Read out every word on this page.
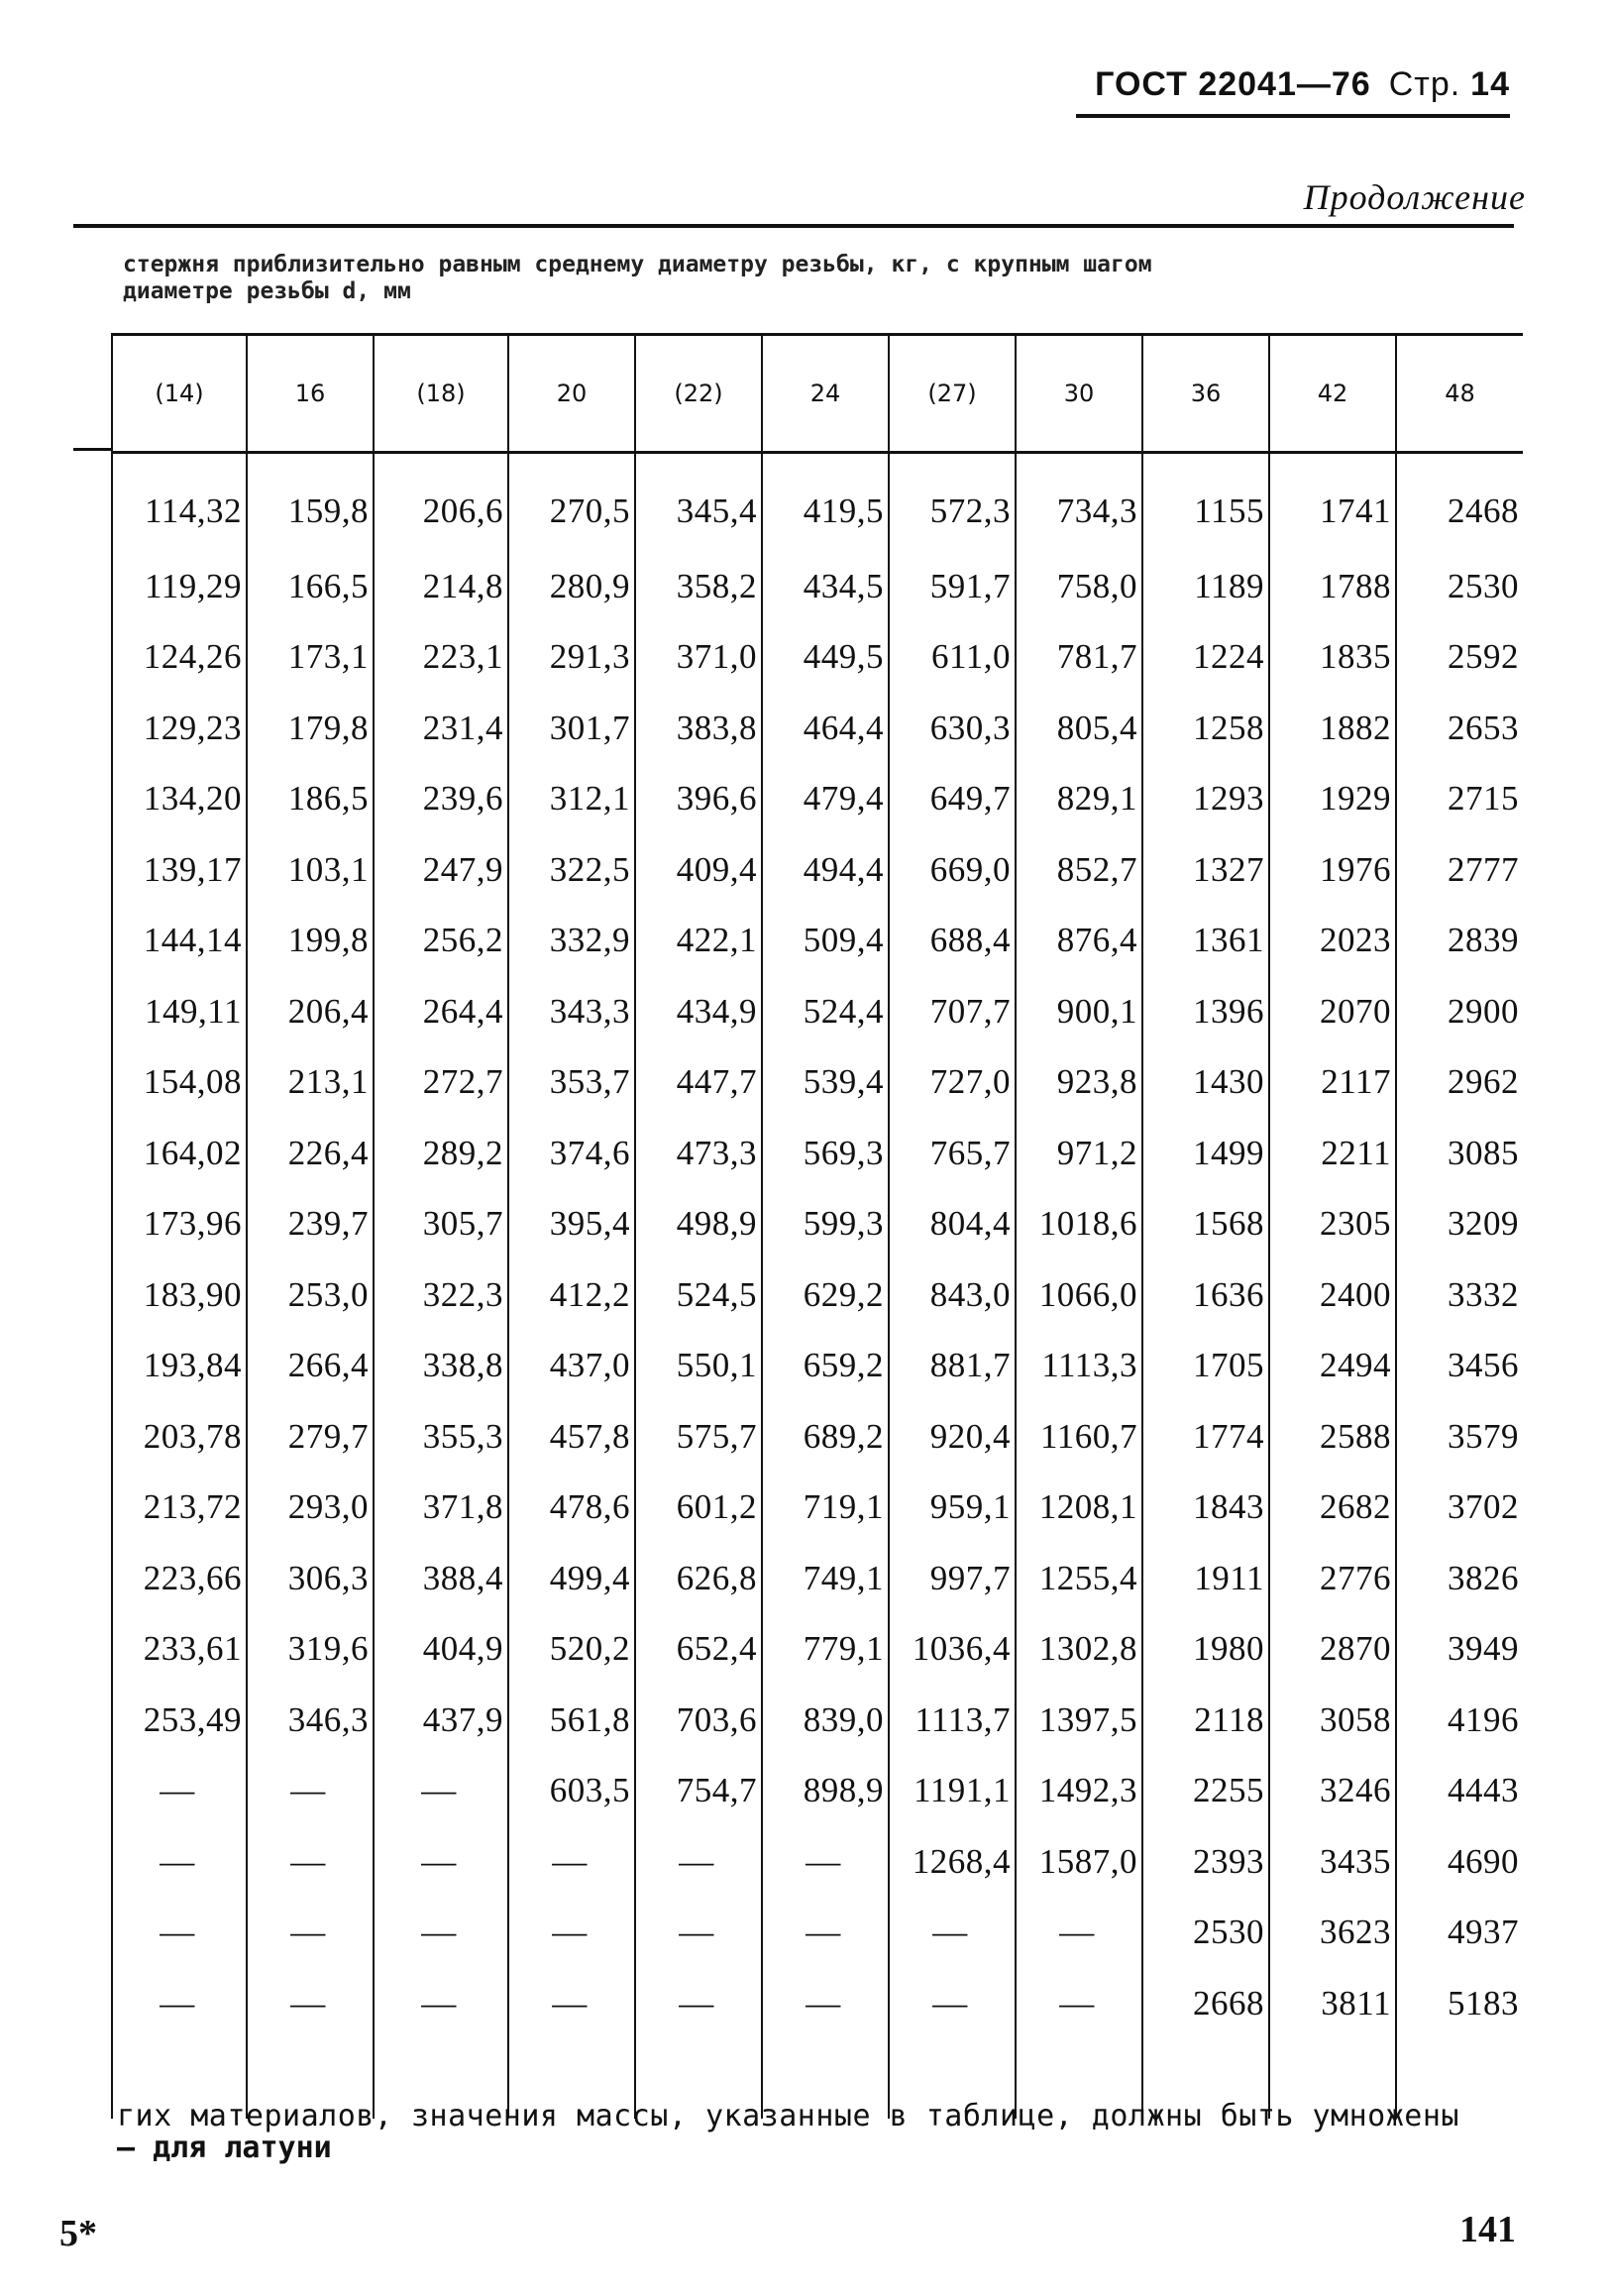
ГОСТ 22041—76 Стр. 14
Продолжение
стержня приблизительно равным среднему диаметру резьбы, кг, с крупным шагом
диаметре резьбы d, мм
(14)	16	(18)	20	(22)	24	(27)	30	36	42	48
114,32	159,8	206,6	270,5	345,4	419,5	572,3	734,3	1155	1741	2468
119,29	166,5	214,8	280,9	358,2	434,5	591,7	758,0	1189	1788	2530
124,26	173,1	223,1	291,3	371,0	449,5	611,0	781,7	1224	1835	2592
129,23	179,8	231,4	301,7	383,8	464,4	630,3	805,4	1258	1882	2653
134,20	186,5	239,6	312,1	396,6	479,4	649,7	829,1	1293	1929	2715
139,17	103,1	247,9	322,5	409,4	494,4	669,0	852,7	1327	1976	2777
144,14	199,8	256,2	332,9	422,1	509,4	688,4	876,4	1361	2023	2839
149,11	206,4	264,4	343,3	434,9	524,4	707,7	900,1	1396	2070	2900
154,08	213,1	272,7	353,7	447,7	539,4	727,0	923,8	1430	2117	2962
164,02	226,4	289,2	374,6	473,3	569,3	765,7	971,2	1499	2211	3085
173,96	239,7	305,7	395,4	498,9	599,3	804,4	1018,6	1568	2305	3209
183,90	253,0	322,3	412,2	524,5	629,2	843,0	1066,0	1636	2400	3332
193,84	266,4	338,8	437,0	550,1	659,2	881,7	1113,3	1705	2494	3456
203,78	279,7	355,3	457,8	575,7	689,2	920,4	1160,7	1774	2588	3579
213,72	293,0	371,8	478,6	601,2	719,1	959,1	1208,1	1843	2682	3702
223,66	306,3	388,4	499,4	626,8	749,1	997,7	1255,4	1911	2776	3826
233,61	319,6	404,9	520,2	652,4	779,1	1036,4	1302,8	1980	2870	3949
253,49	346,3	437,9	561,8	703,6	839,0	1113,7	1397,5	2118	3058	4196
—	—	—	603,5	754,7	898,9	1191,1	1492,3	2255	3246	4443
—	—	—	—	—	—	1268,4	1587,0	2393	3435	4690
—	—	—	—	—	—	—	—	2530	3623	4937
—	—	—	—	—	—	—	—	2668	3811	5183

гих материалов, значения массы, указанные в таблице, должны быть умножены
— для латуни
5*	141
